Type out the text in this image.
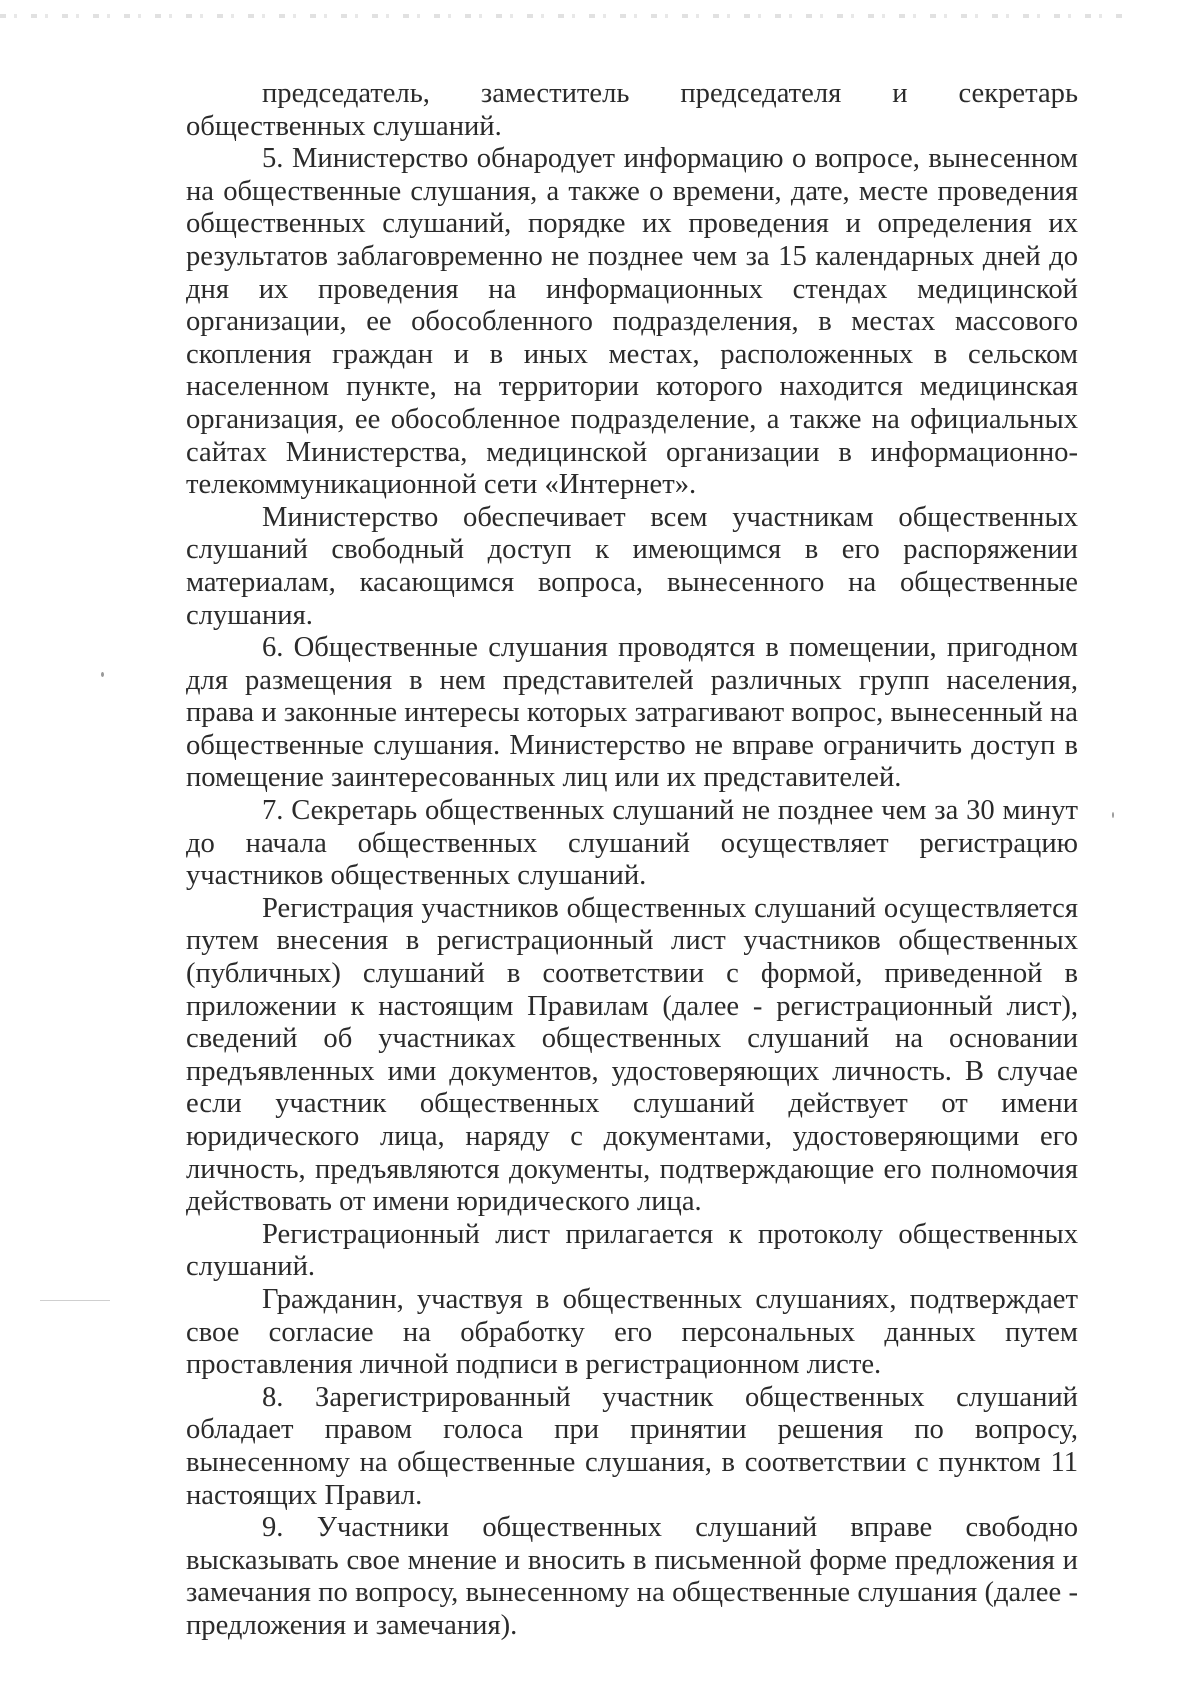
председатель, заместитель председателя и секретарь общественных слушаний.

5. Министерство обнародует информацию о вопросе, вынесенном на общественные слушания, а также о времени, дате, месте проведения общественных слушаний, порядке их проведения и определения их результатов заблаговременно не позднее чем за 15 календарных дней до дня их проведения на информационных стендах медицинской организации, ее обособленного подразделения, в местах массового скопления граждан и в иных местах, расположенных в сельском населенном пункте, на территории которого находится медицинская организация, ее обособленное подразделение, а также на официальных сайтах Министерства, медицинской организации в информационно-телекоммуникационной сети «Интернет».

Министерство обеспечивает всем участникам общественных слушаний свободный доступ к имеющимся в его распоряжении материалам, касающимся вопроса, вынесенного на общественные слушания.

6. Общественные слушания проводятся в помещении, пригодном для размещения в нем представителей различных групп населения, права и законные интересы которых затрагивают вопрос, вынесенный на общественные слушания. Министерство не вправе ограничить доступ в помещение заинтересованных лиц или их представителей.

7. Секретарь общественных слушаний не позднее чем за 30 минут до начала общественных слушаний осуществляет регистрацию участников общественных слушаний.

Регистрация участников общественных слушаний осуществляется путем внесения в регистрационный лист участников общественных (публичных) слушаний в соответствии с формой, приведенной в приложении к настоящим Правилам (далее - регистрационный лист), сведений об участниках общественных слушаний на основании предъявленных ими документов, удостоверяющих личность. В случае если участник общественных слушаний действует от имени юридического лица, наряду с документами, удостоверяющими его личность, предъявляются документы, подтверждающие его полномочия действовать от имени юридического лица.

Регистрационный лист прилагается к протоколу общественных слушаний.

Гражданин, участвуя в общественных слушаниях, подтверждает свое согласие на обработку его персональных данных путем проставления личной подписи в регистрационном листе.

8. Зарегистрированный участник общественных слушаний обладает правом голоса при принятии решения по вопросу, вынесенному на общественные слушания, в соответствии с пунктом 11 настоящих Правил.

9. Участники общественных слушаний вправе свободно высказывать свое мнение и вносить в письменной форме предложения и замечания по вопросу, вынесенному на общественные слушания (далее - предложения и замечания).
